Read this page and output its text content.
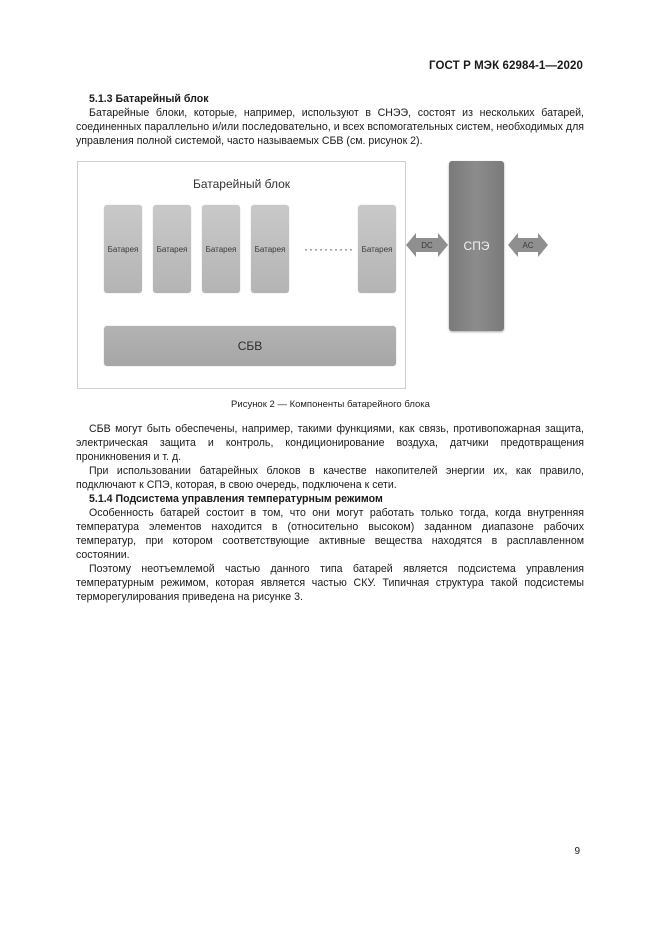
ГОСТ Р МЭК 62984-1—2020
5.1.3 Батарейный блок
Батарейные блоки, которые, например, используют в СНЭЭ, состоят из нескольких батарей, соединенных параллельно и/или последовательно, и всех вспомогательных систем, необходимых для управления полной системой, часто называемых СБВ (см. рисунок 2).
Батарейный блок
Батарея	Батарея	Батарея	Батарея	·········· Батарея
СБВ
DC	СПЭ	AC
Рисунок 2 — Компоненты батарейного блока
СБВ могут быть обеспечены, например, такими функциями, как связь, противопожарная защита, электрическая защита и контроль, кондиционирование воздуха, датчики предотвращения проникновения и т. д.
При использовании батарейных блоков в качестве накопителей энергии их, как правило, подключают к СПЭ, которая, в свою очередь, подключена к сети.
5.1.4 Подсистема управления температурным режимом
Особенность батарей состоит в том, что они могут работать только тогда, когда внутренняя температура элементов находится в (относительно высоком) заданном диапазоне рабочих температур, при котором соответствующие активные вещества находятся в расплавленном состоянии.
Поэтому неотъемлемой частью данного типа батарей является подсистема управления температурным режимом, которая является частью СКУ. Типичная структура такой подсистемы терморегулирования приведена на рисунке 3.
9
